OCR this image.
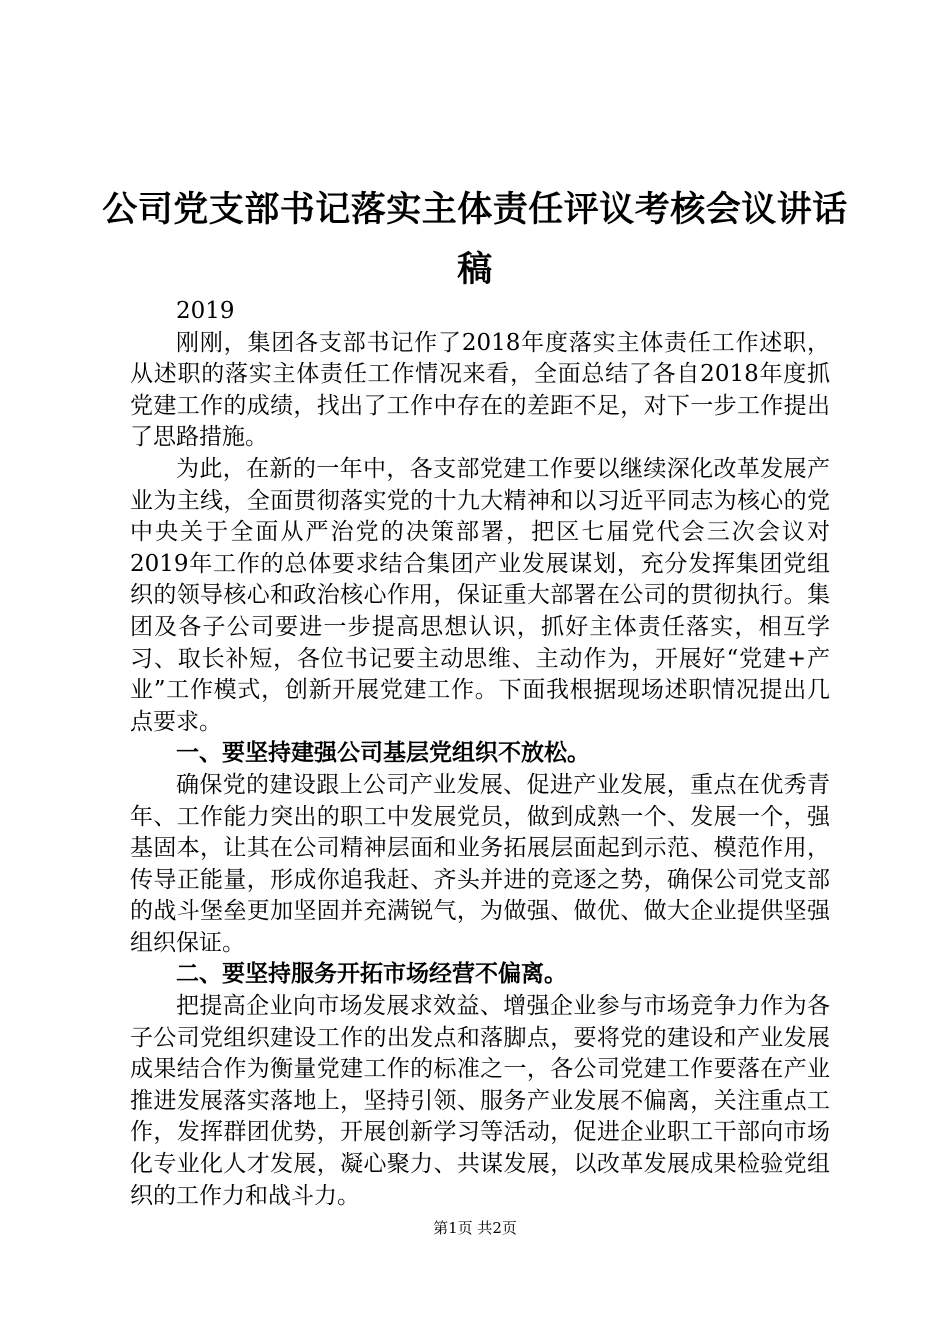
公司党支部书记落实主体责任评议考核会议讲话稿

2019

刚刚，集团各支部书记作了2018年度落实主体责任工作述职，从述职的落实主体责任工作情况来看，全面总结了各自2018年度抓党建工作的成绩，找出了工作中存在的差距不足，对下一步工作提出了思路措施。

为此，在新的一年中，各支部党建工作要以继续深化改革发展产业为主线，全面贯彻落实党的十九大精神和以习近平同志为核心的党中央关于全面从严治党的决策部署，把区七届党代会三次会议对2019年工作的总体要求结合集团产业发展谋划，充分发挥集团党组织的领导核心和政治核心作用，保证重大部署在公司的贯彻执行。集团及各子公司要进一步提高思想认识，抓好主体责任落实，相互学习、取长补短，各位书记要主动思维、主动作为，开展好“党建+产业”工作模式，创新开展党建工作。下面我根据现场述职情况提出几点要求。

一、要坚持建强公司基层党组织不放松。

确保党的建设跟上公司产业发展、促进产业发展，重点在优秀青年、工作能力突出的职工中发展党员，做到成熟一个、发展一个，强基固本，让其在公司精神层面和业务拓展层面起到示范、模范作用，传导正能量，形成你追我赶、齐头并进的竞逐之势，确保公司党支部的战斗堡垒更加坚固并充满锐气，为做强、做优、做大企业提供坚强组织保证。

二、要坚持服务开拓市场经营不偏离。

把提高企业向市场发展求效益、增强企业参与市场竞争力作为各子公司党组织建设工作的出发点和落脚点，要将党的建设和产业发展成果结合作为衡量党建工作的标准之一，各公司党建工作要落在产业推进发展落实落地上，坚持引领、服务产业发展不偏离，关注重点工作，发挥群团优势，开展创新学习等活动，促进企业职工干部向市场化专业化人才发展，凝心聚力、共谋发展，以改革发展成果检验党组织的工作力和战斗力。

第1页 共2页
